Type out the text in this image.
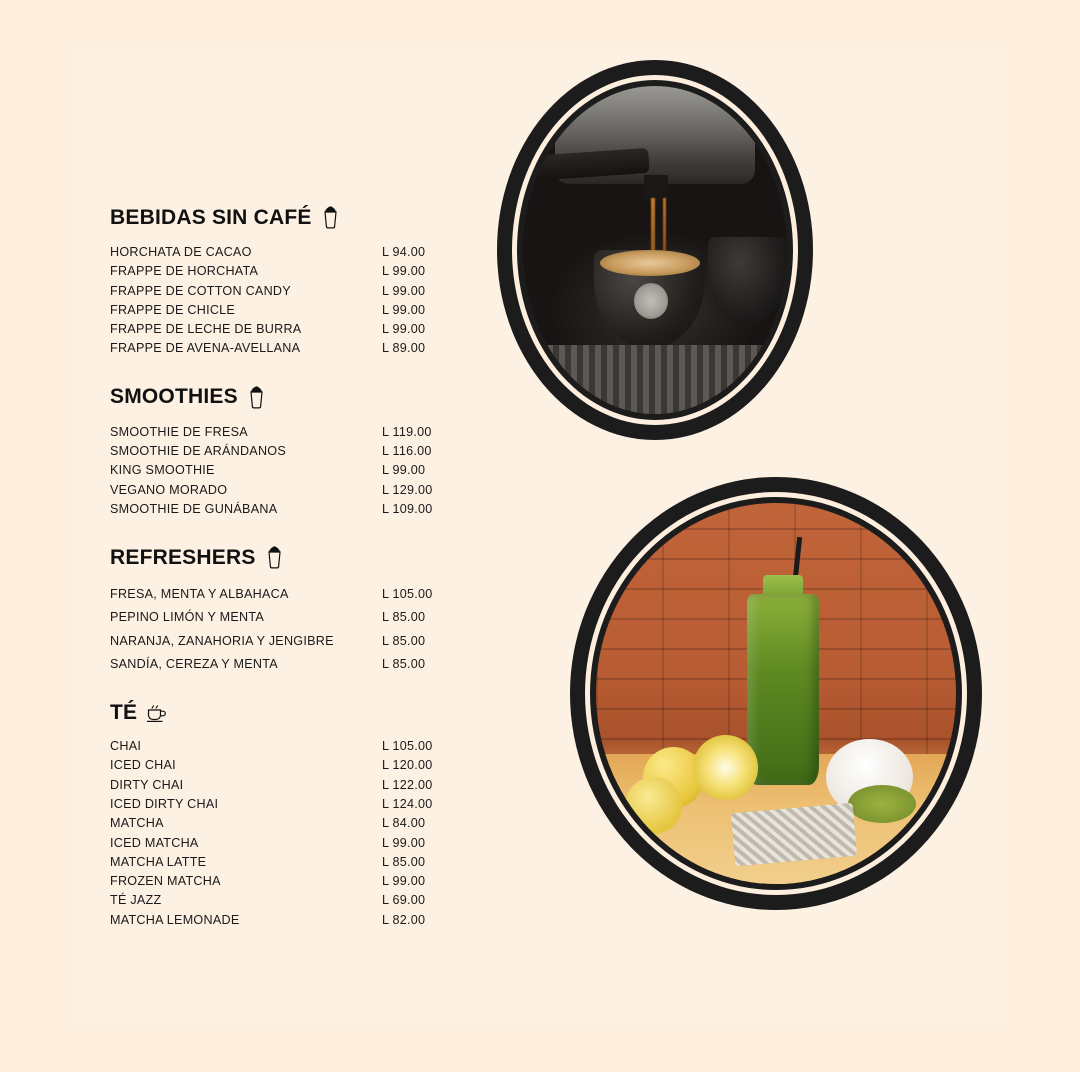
BEBIDAS SIN CAFÉ
HORCHATA DE CACAO	L 94.00
FRAPPE DE HORCHATA	L 99.00
FRAPPE DE COTTON CANDY	L 99.00
FRAPPE DE CHICLE	L 99.00
FRAPPE DE LECHE DE BURRA	L 99.00
FRAPPE DE AVENA-AVELLANA	L 89.00
SMOOTHIES
SMOOTHIE DE FRESA	L 119.00
SMOOTHIE DE ARÁNDANOS	L 116.00
KING SMOOTHIE	L 99.00
VEGANO MORADO	L 129.00
SMOOTHIE DE GUNÁBANA	L 109.00
REFRESHERS
FRESA, MENTA Y ALBAHACA	L 105.00
PEPINO LIMÓN Y MENTA	L 85.00
NARANJA, ZANAHORIA Y JENGIBRE	L 85.00
SANDÍA, CEREZA Y MENTA	L 85.00
TÉ
CHAI	L 105.00
ICED CHAI	L 120.00
DIRTY CHAI	L 122.00
ICED DIRTY CHAI	L 124.00
MATCHA	L 84.00
ICED MATCHA	L 99.00
MATCHA LATTE	L 85.00
FROZEN MATCHA	L 99.00
TÉ JAZZ	L 69.00
MATCHA LEMONADE	L 82.00
